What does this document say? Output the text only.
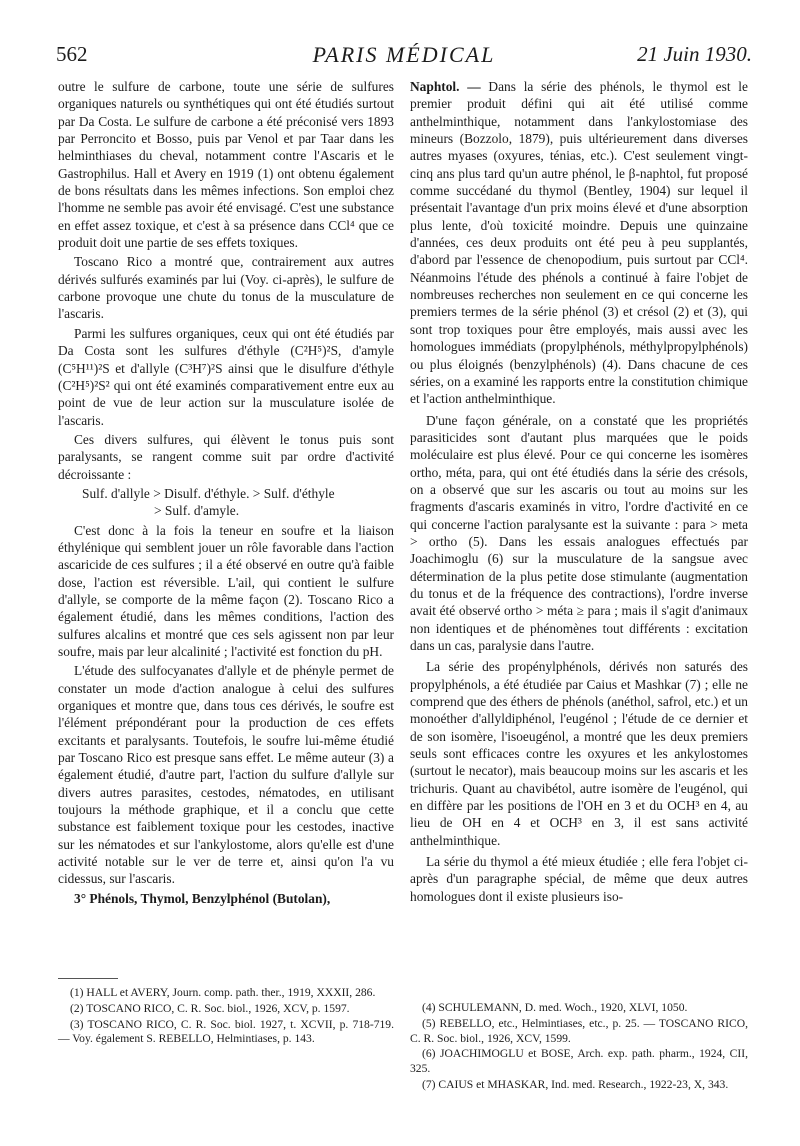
562	PARIS MÉDICAL	21 Juin 1930.

outre le sulfure de carbone, toute une série de sulfures organiques naturels ou synthétiques qui ont été étudiés surtout par Da Costa. Le sulfure de carbone a été préconisé vers 1893 par Perroncito et Bosso, puis par Venol et par Taar dans les helminthiases du cheval, notamment contre l'Ascaris et le Gastrophilus. Hall et Avery en 1919 (1) ont obtenu également de bons résultats dans les mêmes infections. Son emploi chez l'homme ne semble pas avoir été envisagé. C'est une substance en effet assez toxique, et c'est à sa présence dans CCl⁴ que ce produit doit une partie de ses effets toxiques.

Toscano Rico a montré que, contrairement aux autres dérivés sulfurés examinés par lui (Voy. ci-après), le sulfure de carbone provoque une chute du tonus de la musculature de l'ascaris.

Parmi les sulfures organiques, ceux qui ont été étudiés par Da Costa sont les sulfures d'éthyle (C²H⁵)²S, d'amyle (C⁵H¹¹)²S et d'allyle (C³H⁷)²S ainsi que le disulfure d'éthyle (C²H⁵)²S² qui ont été examinés comparativement entre eux au point de vue de leur action sur la musculature isolée de l'ascaris.

Ces divers sulfures, qui élèvent le tonus puis sont paralysants, se rangent comme suit par ordre d'activité décroissante :

Sulf. d'allyle > Disulf. d'éthyle. > Sulf. d'éthyle
> Sulf. d'amyle.

C'est donc à la fois la teneur en soufre et la liaison éthylénique qui semblent jouer un rôle favorable dans l'action ascaricide de ces sulfures ; il a été observé en outre qu'à faible dose, l'action est réversible. L'ail, qui contient le sulfure d'allyle, se comporte de la même façon (2). Toscano Rico a également étudié, dans les mêmes conditions, l'action des sulfures alcalins et montré que ces sels agissent non par leur soufre, mais par leur alcalinité ; l'activité est fonction du pH.

L'étude des sulfocyanates d'allyle et de phényle permet de constater un mode d'action analogue à celui des sulfures organiques et montre que, dans tous ces dérivés, le soufre est l'élément prépondérant pour la production de ces effets excitants et paralysants. Toutefois, le soufre lui-même étudié par Toscano Rico est presque sans effet. Le même auteur (3) a également étudié, d'autre part, l'action du sulfure d'allyle sur divers autres parasites, cestodes, nématodes, en utilisant toujours la méthode graphique, et il a conclu que cette substance est faiblement toxique pour les cestodes, inactive sur les nématodes et sur l'ankylostome, alors qu'elle est d'une activité notable sur le ver de terre et, ainsi qu'on l'a vu cidessus, sur l'ascaris.

3° Phénols, Thymol, Benzylphénol (Butolan),

Naphtol. — Dans la série des phénols, le thymol est le premier produit défini qui ait été utilisé comme anthelminthique, notamment dans l'ankylostomiase des mineurs (Bozzolo, 1879), puis ultérieurement dans diverses autres myases (oxyures, ténias, etc.). C'est seulement vingt-cinq ans plus tard qu'un autre phénol, le β-naphtol, fut proposé comme succédané du thymol (Bentley, 1904) sur lequel il présentait l'avantage d'un prix moins élevé et d'une absorption plus lente, d'où toxicité moindre. Depuis une quinzaine d'années, ces deux produits ont été peu à peu supplantés, d'abord par l'essence de chenopodium, puis surtout par CCl⁴. Néanmoins l'étude des phénols a continué à faire l'objet de nombreuses recherches non seulement en ce qui concerne les premiers termes de la série phénol (3) et crésol (2) et (3), qui sont trop toxiques pour être employés, mais aussi avec les homologues immédiats (propylphénols, méthylpropylphénols) ou plus éloignés (benzylphénols) (4). Dans chacune de ces séries, on a examiné les rapports entre la constitution chimique et l'action anthelminthique.

D'une façon générale, on a constaté que les propriétés parasiticides sont d'autant plus marquées que le poids moléculaire est plus élevé. Pour ce qui concerne les isomères ortho, méta, para, qui ont été étudiés dans la série des crésols, on a observé que sur les ascaris ou tout au moins sur les fragments d'ascaris examinés in vitro, l'ordre d'activité en ce qui concerne l'action paralysante est la suivante : para > meta > ortho (5). Dans les essais analogues effectués par Joachimoglu (6) sur la musculature de la sangsue avec détermination de la plus petite dose stimulante (augmentation du tonus et de la fréquence des contractions), l'ordre inverse avait été observé ortho > méta ≥ para ; mais il s'agit d'animaux non identiques et de phénomènes tout différents : excitation dans un cas, paralysie dans l'autre.

La série des propénylphénols, dérivés non saturés des propylphénols, a été étudiée par Caius et Mashkar (7) ; elle ne comprend que des éthers de phénols (anéthol, safrol, etc.) et un monoéther d'allyldiphénol, l'eugénol ; l'étude de ce dernier et de son isomère, l'isoeugénol, a montré que les deux premiers seuls sont efficaces contre les oxyures et les ankylostomes (surtout le necator), mais beaucoup moins sur les ascaris et les trichuris. Quant au chavibétol, autre isomère de l'eugénol, qui en diffère par les positions de l'OH en 3 et du OCH³ en 4, au lieu de OH en 4 et OCH³ en 3, il est sans activité anthelminthique.

La série du thymol a été mieux étudiée ; elle fera l'objet ci-après d'un paragraphe spécial, de même que deux autres homologues dont il existe plusieurs iso-

(1) HALL et AVERY, Journ. comp. path. ther., 1919, XXXII, 286.

(2) TOSCANO RICO, C. R. Soc. biol., 1926, XCV, p. 1597.

(3) TOSCANO RICO, C. R. Soc. biol. 1927, t. XCVII, p. 718-719. — Voy. également S. REBELLO, Helmintiases, p. 143.

(4) SCHULEMANN, D. med. Woch., 1920, XLVI, 1050.

(5) REBELLO, etc., Helmintiases, etc., p. 25. — TOSCANO RICO, C. R. Soc. biol., 1926, XCV, 1599.

(6) JOACHIMOGLU et BOSE, Arch. exp. path. pharm., 1924, CII, 325.

(7) CAIUS et MHASKAR, Ind. med. Research., 1922-23, X, 343.
